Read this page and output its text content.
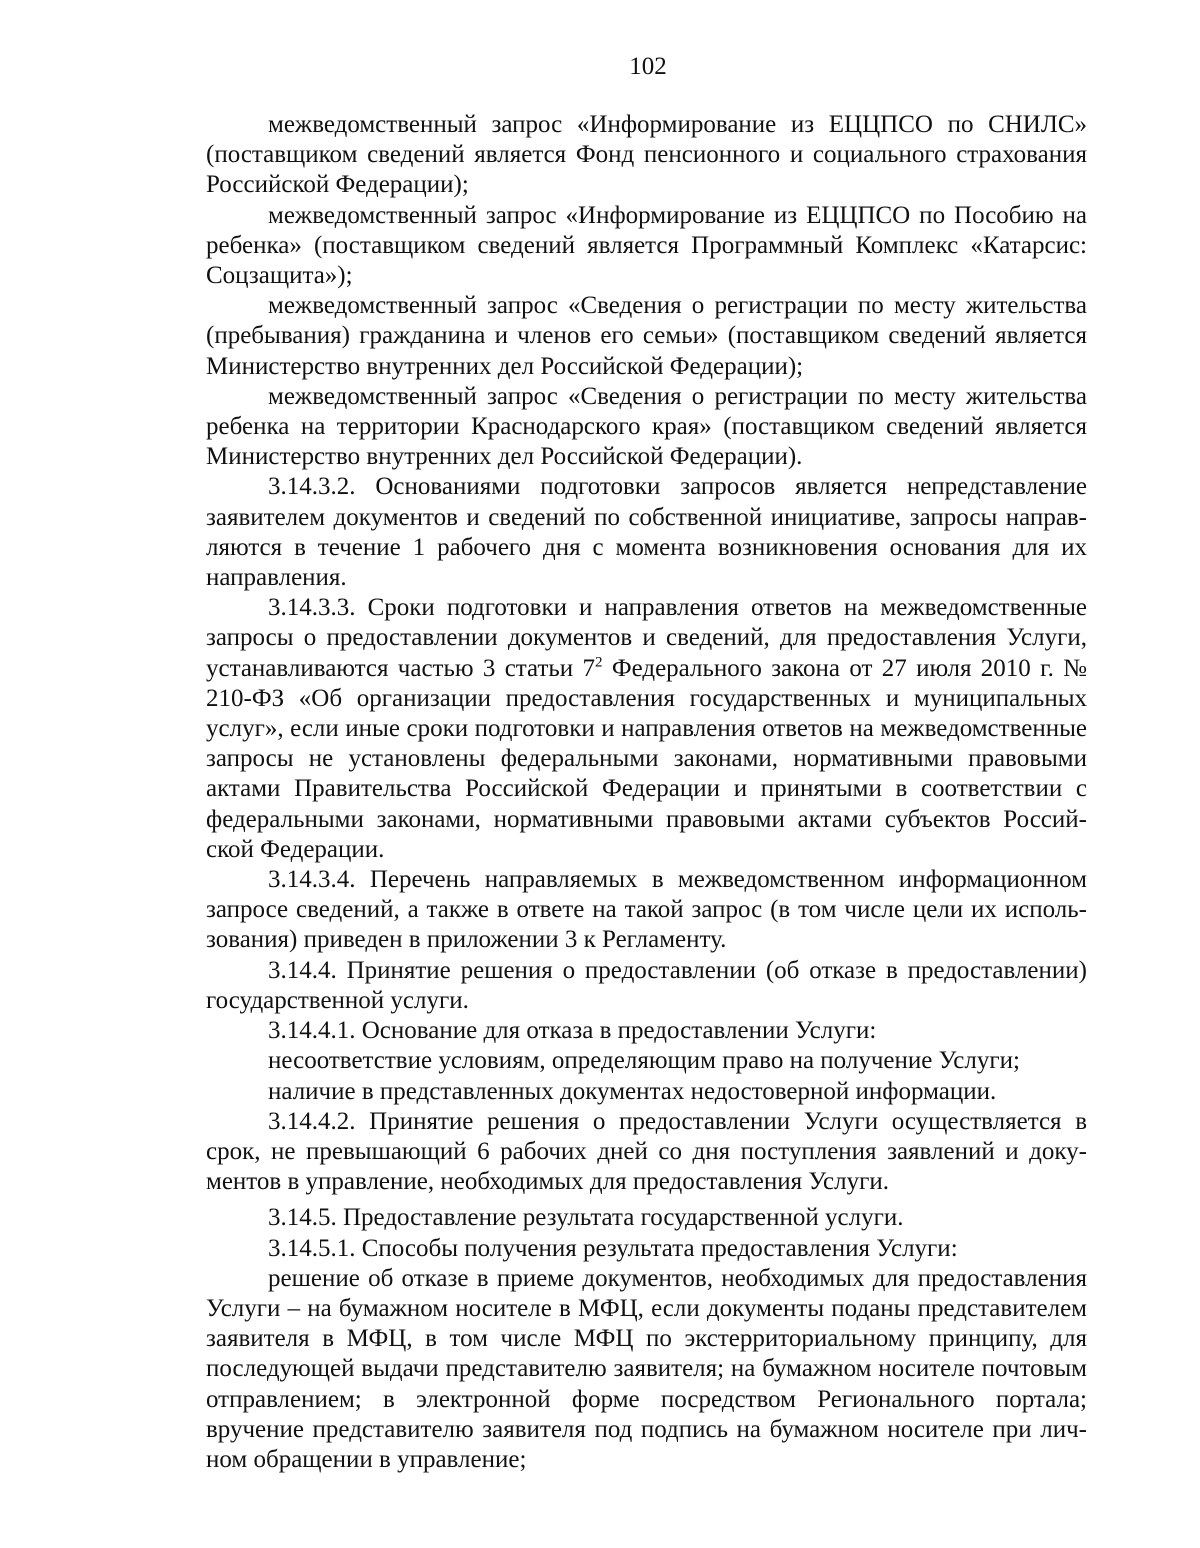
102

межведомственный запрос «Информирование из ЕЦЦПСО по СНИЛС» (поставщиком сведений является Фонд пенсионного и социального страхования Российской Федерации);

межведомственный запрос «Информирование из ЕЦЦПСО по Пособию на ребенка» (поставщиком сведений является Программный Комплекс «Катарсис: Соцзащита»);

межведомственный запрос «Сведения о регистрации по месту жительства (пребывания) гражданина и членов его семьи» (поставщиком сведений является Министерство внутренних дел Российской Федерации);

межведомственный запрос «Сведения о регистрации по месту жительства ребенка на территории Краснодарского края» (поставщиком сведений является Министерство внутренних дел Российской Федерации).

3.14.3.2. Основаниями подготовки запросов является непредставление заявителем документов и сведений по собственной инициативе, запросы направляются в течение 1 рабочего дня с момента возникновения основания для их направления.

3.14.3.3. Сроки подготовки и направления ответов на межведомственные запросы о предоставлении документов и сведений, для предоставления Услуги, устанавливаются частью 3 статьи $7^2$ Федерального закона от 27 июля 2010 г. № 210-ФЗ «Об организации предоставления государственных и муниципальных услуг», если иные сроки подготовки и направления ответов на межведомственные запросы не установлены федеральными законами, нормативными правовыми актами Правительства Российской Федерации и принятыми в соответствии с федеральными законами, нормативными правовыми актами субъектов Российской Федерации.

3.14.3.4. Перечень направляемых в межведомственном информационном запросе сведений, а также в ответе на такой запрос (в том числе цели их использования) приведен в приложении 3 к Регламенту.

3.14.4. Принятие решения о предоставлении (об отказе в предоставлении) государственной услуги.

3.14.4.1. Основание для отказа в предоставлении Услуги:

несоответствие условиям, определяющим право на получение Услуги;

наличие в представленных документах недостоверной информации.

3.14.4.2. Принятие решения о предоставлении Услуги осуществляется в срок, не превышающий 6 рабочих дней со дня поступления заявлений и документов в управление, необходимых для предоставления Услуги.

3.14.5. Предоставление результата государственной услуги.

3.14.5.1. Способы получения результата предоставления Услуги:

решение об отказе в приеме документов, необходимых для предоставления Услуги – на бумажном носителе в МФЦ, если документы поданы представителем заявителя в МФЦ, в том числе МФЦ по экстерриториальному принципу, для последующей выдачи представителю заявителя; на бумажном носителе почтовым отправлением; в электронной форме посредством Регионального портала; вручение представителю заявителя под подпись на бумажном носителе при личном обращении в управление;
